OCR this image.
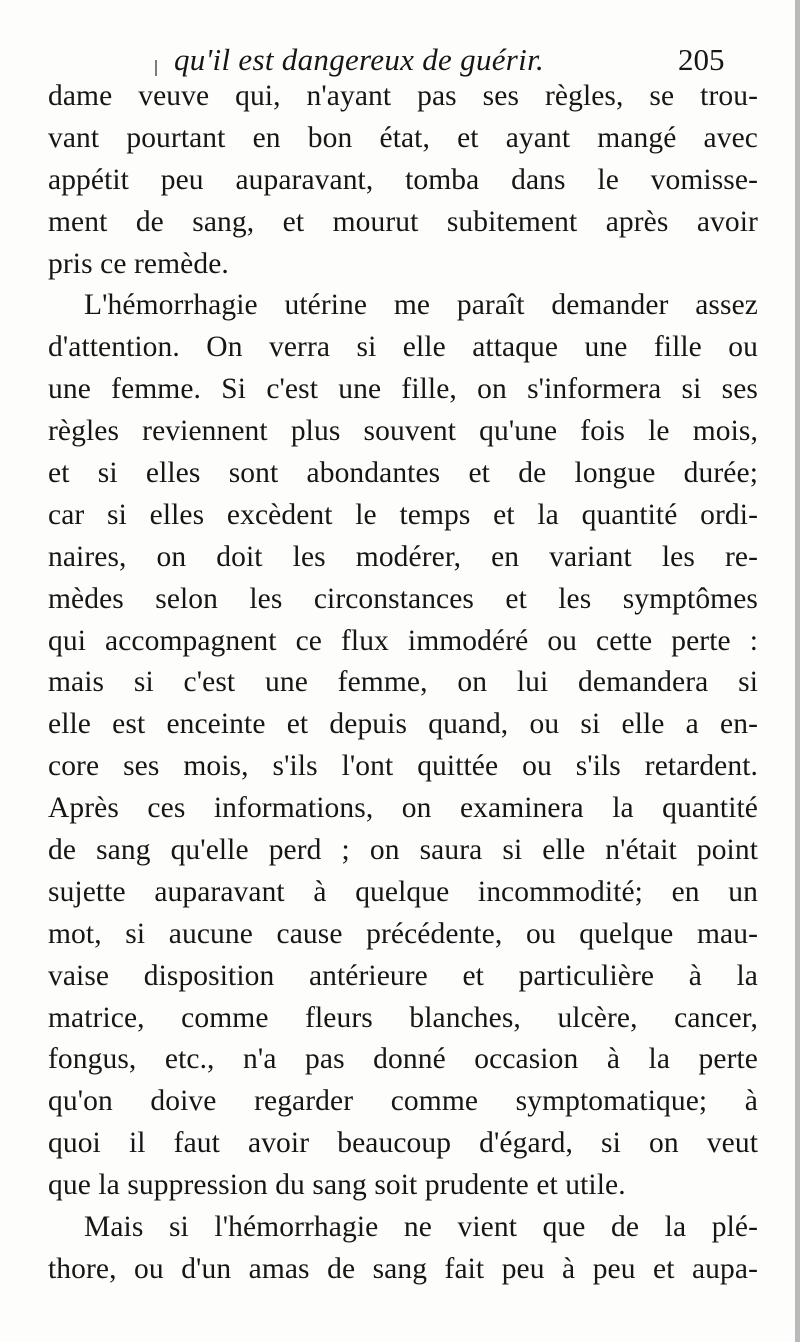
qu'il est dangereux de guérir.	205
dame veuve qui, n'ayant pas ses règles, se trou-
vant pourtant en bon état, et ayant mangé avec
appétit peu auparavant, tomba dans le vomisse-
ment de sang, et mourut subitement après avoir
pris ce remède.
L'hémorrhagie utérine me paraît demander assez
d'attention. On verra si elle attaque une fille ou
une femme. Si c'est une fille, on s'informera si ses
règles reviennent plus souvent qu'une fois le mois,
et si elles sont abondantes et de longue durée;
car si elles excèdent le temps et la quantité ordi-
naires, on doit les modérer, en variant les re-
mèdes selon les circonstances et les symptômes
qui accompagnent ce flux immodéré ou cette perte :
mais si c'est une femme, on lui demandera si
elle est enceinte et depuis quand, ou si elle a en-
core ses mois, s'ils l'ont quittée ou s'ils retardent.
Après ces informations, on examinera la quantité
de sang qu'elle perd ; on saura si elle n'était point
sujette auparavant à quelque incommodité; en un
mot, si aucune cause précédente, ou quelque mau-
vaise disposition antérieure et particulière à la
matrice, comme fleurs blanches, ulcère, cancer,
fongus, etc., n'a pas donné occasion à la perte
qu'on doive regarder comme symptomatique; à
quoi il faut avoir beaucoup d'égard, si on veut
que la suppression du sang soit prudente et utile.
Mais si l'hémorrhagie ne vient que de la plé-
thore, ou d'un amas de sang fait peu à peu et aupa-
